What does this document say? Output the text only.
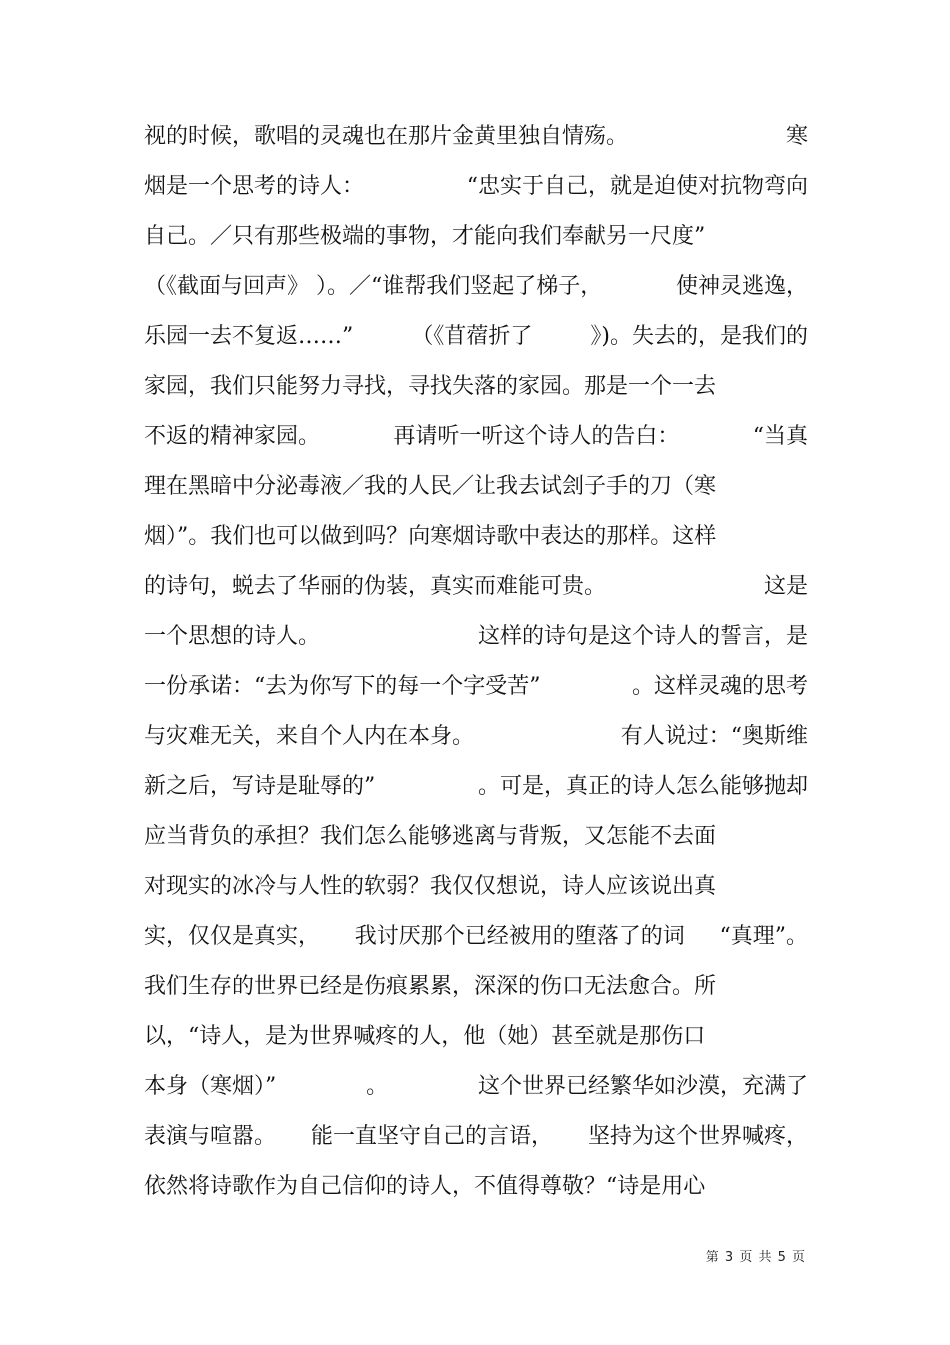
视的时候，歌唱的灵魂也在那片金黄里独自情殇。	寒
烟是一个思考的诗人：	“忠实于自己，就是迫使对抗物弯向
自己。／只有那些极端的事物，才能向我们奉献另一尺度”
（《截面与回声》 ）。／“谁帮我们竖起了梯子，	使神灵逃逸，
乐园一去不复返……”	（《苜蓿折了	》)。失去的，是我们的
家园，我们只能努力寻找，寻找失落的家园。那是一个一去
不返的精神家园。	再请听一听这个诗人的告白：	“当真
理在黑暗中分泌毒液／我的人民／让我去试刽子手的刀（寒
烟）”。我们也可以做到吗？向寒烟诗歌中表达的那样。这样
的诗句，蜕去了华丽的伪装，真实而难能可贵。	这是
一个思想的诗人。	这样的诗句是这个诗人的誓言，是
一份承诺：“去为你写下的每一个字受苦”	。这样灵魂的思考
与灾难无关，来自个人内在本身。	有人说过：“奥斯维
新之后，写诗是耻辱的”	。可是，真正的诗人怎么能够抛却
应当背负的承担？我们怎么能够逃离与背叛，又怎能不去面
对现实的冰冷与人性的软弱？我仅仅想说，诗人应该说出真
实，仅仅是真实， 我讨厌那个已经被用的堕落了的词 “真理”。
我们生存的世界已经是伤痕累累，深深的伤口无法愈合。所
以，“诗人，是为世界喊疼的人，他（她）甚至就是那伤口
本身（寒烟）”	。	这个世界已经繁华如沙漠，充满了
表演与喧嚣。 能一直坚守自己的言语， 坚持为这个世界喊疼，
依然将诗歌作为自己信仰的诗人，不值得尊敬？“诗是用心
第 3 页 共 5 页
